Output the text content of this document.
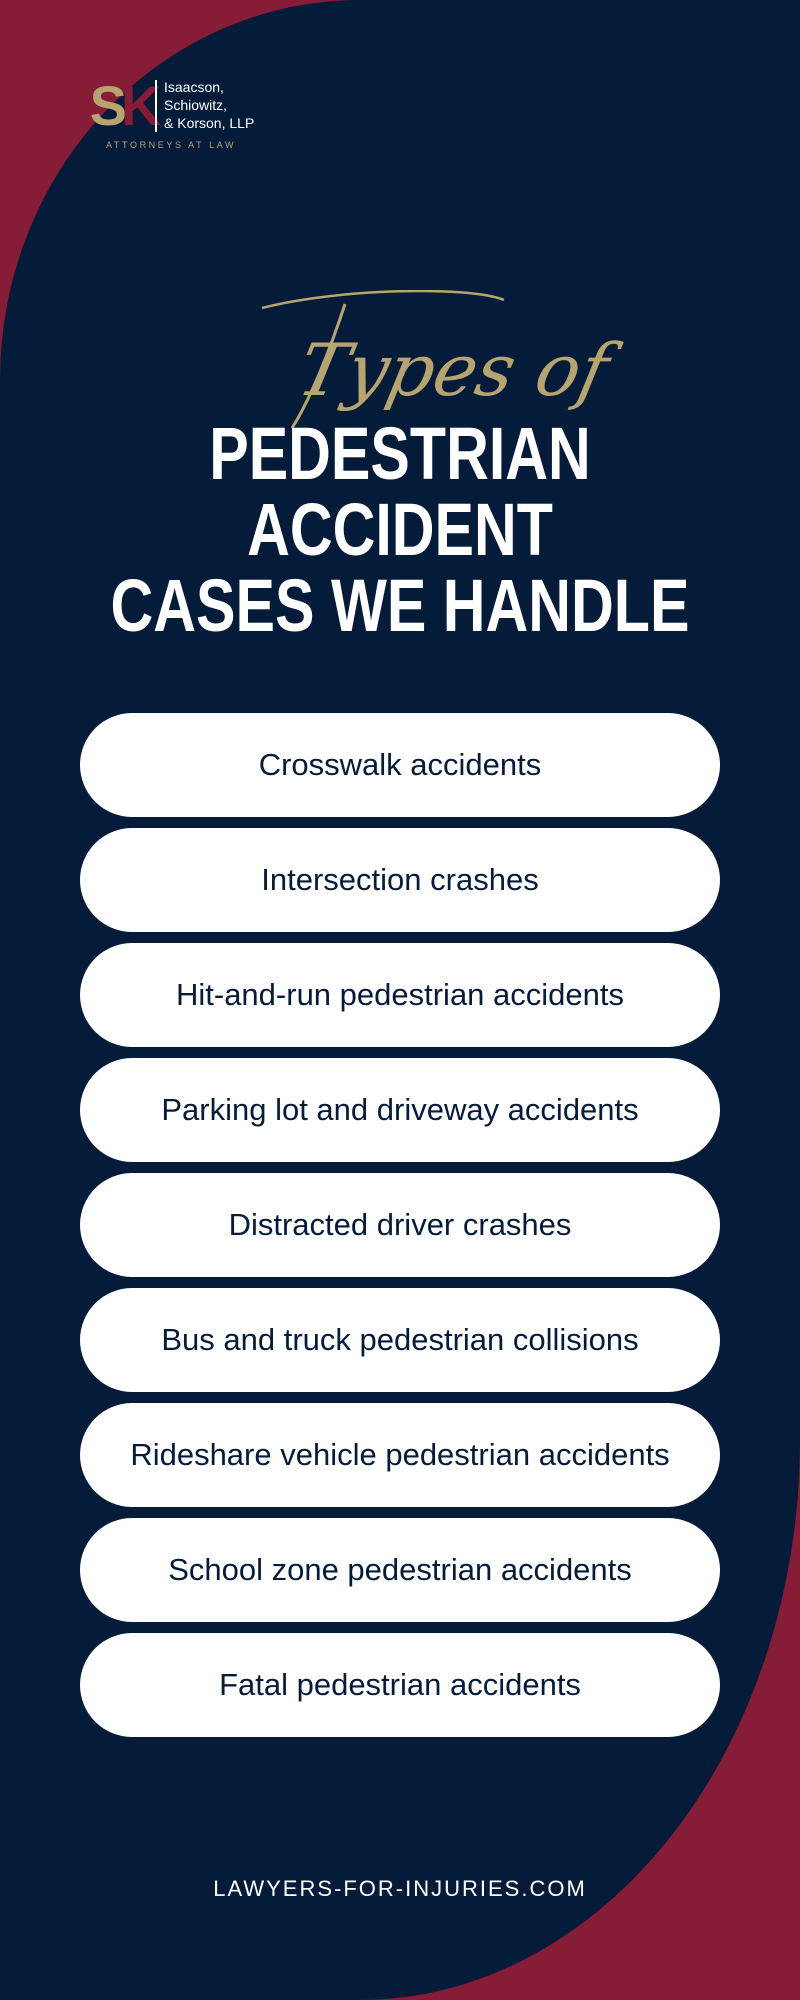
ISK Isaacson,
Schiowitz,
& Korson, LLP
ATTORNEYS AT LAW
Types of
PEDESTRIAN ACCIDENT
CASES WE HANDLE
Crosswalk accidents
Intersection crashes
Hit-and-run pedestrian accidents
Parking lot and driveway accidents
Distracted driver crashes
Bus and truck pedestrian collisions
Rideshare vehicle pedestrian accidents
School zone pedestrian accidents
Fatal pedestrian accidents
LAWYERS-FOR-INJURIES.COM
